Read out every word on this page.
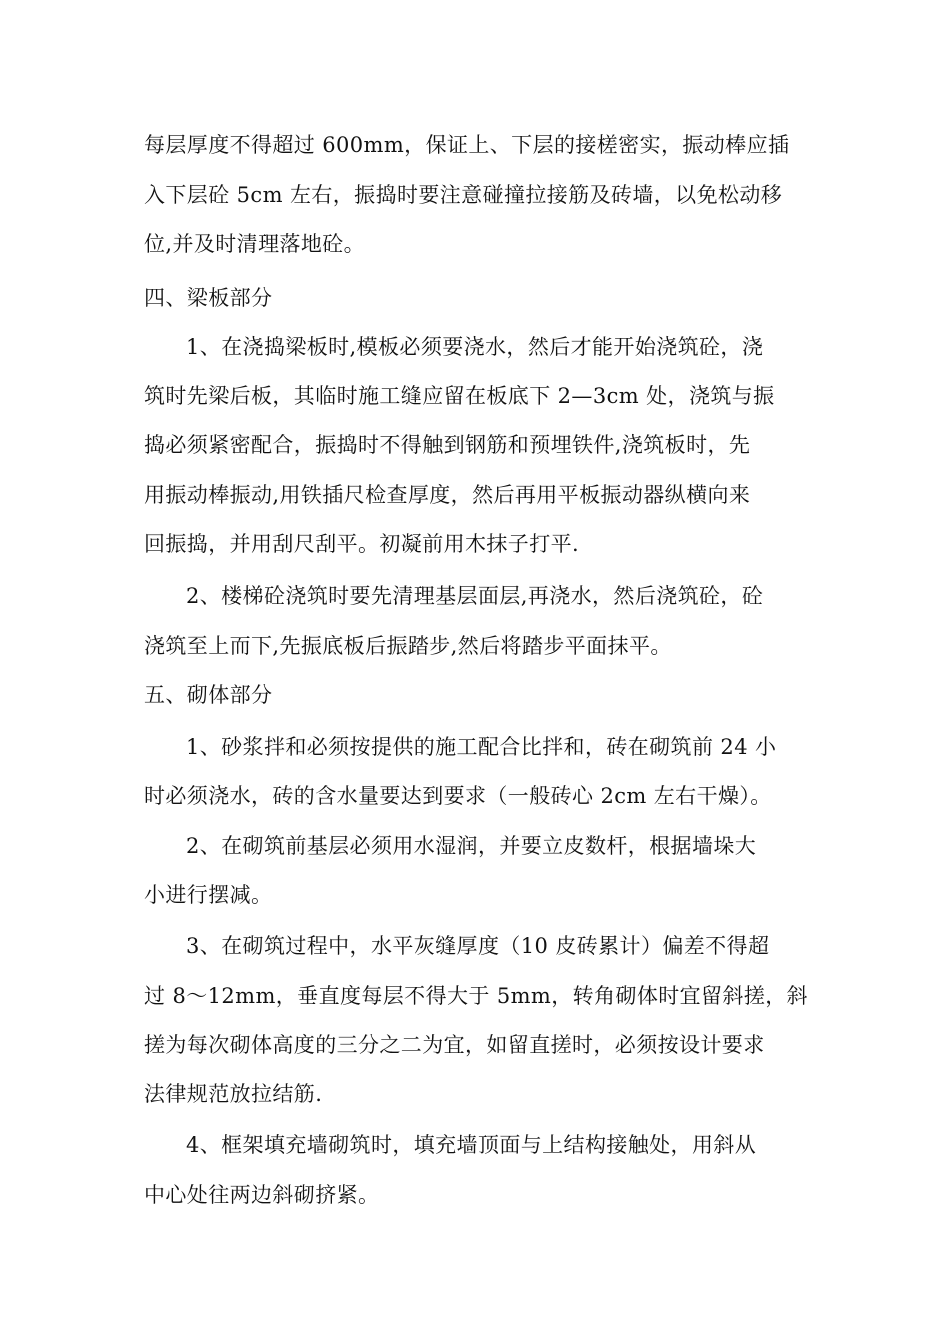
每层厚度不得超过 600mm，保证上、下层的接槎密实，振动棒应插
入下层砼 5cm 左右，振捣时要注意碰撞拉接筋及砖墙，以免松动移
位,并及时清理落地砼。
四、梁板部分
1、在浇捣梁板时,模板必须要浇水，然后才能开始浇筑砼，浇
筑时先梁后板，其临时施工缝应留在板底下 2—3cm 处，浇筑与振
捣必须紧密配合，振捣时不得触到钢筋和预埋铁件,浇筑板时，先
用振动棒振动,用铁插尺检查厚度，然后再用平板振动器纵横向来
回振捣，并用刮尺刮平。初凝前用木抹子打平.
2、楼梯砼浇筑时要先清理基层面层,再浇水，然后浇筑砼，砼
浇筑至上而下,先振底板后振踏步,然后将踏步平面抹平。
五、砌体部分
1、砂浆拌和必须按提供的施工配合比拌和，砖在砌筑前 24 小
时必须浇水，砖的含水量要达到要求（一般砖心 2cm 左右干燥）。
2、在砌筑前基层必须用水湿润，并要立皮数杆，根据墙垛大
小进行摆减。
3、在砌筑过程中，水平灰缝厚度（10 皮砖累计）偏差不得超
过 8～12mm，垂直度每层不得大于 5mm，转角砌体时宜留斜搓，斜
搓为每次砌体高度的三分之二为宜，如留直搓时，必须按设计要求
法律规范放拉结筋.
4、框架填充墙砌筑时，填充墙顶面与上结构接触处，用斜从
中心处往两边斜砌挤紧。
